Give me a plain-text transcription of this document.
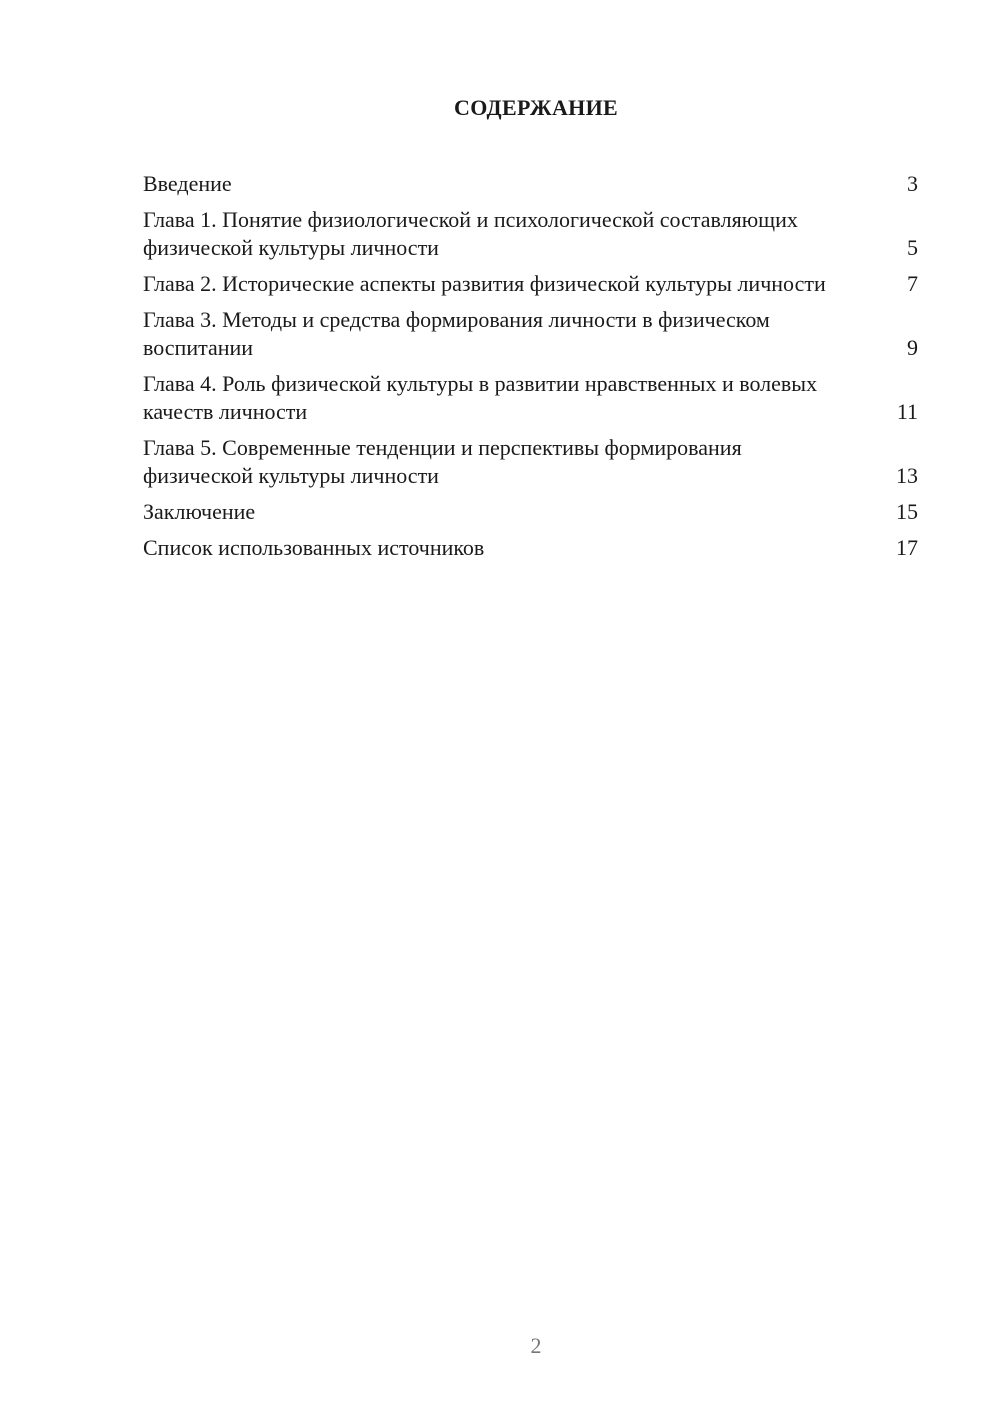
СОДЕРЖАНИЕ
Введение	3
Глава 1. Понятие физиологической и психологической составляющих физической культуры личности	5
Глава 2. Исторические аспекты развития физической культуры личности	7
Глава 3. Методы и средства формирования личности в физическом воспитании	9
Глава 4. Роль физической культуры в развитии нравственных и волевых качеств личности	11
Глава 5. Современные тенденции и перспективы формирования физической культуры личности	13
Заключение	15
Список использованных источников	17
2
